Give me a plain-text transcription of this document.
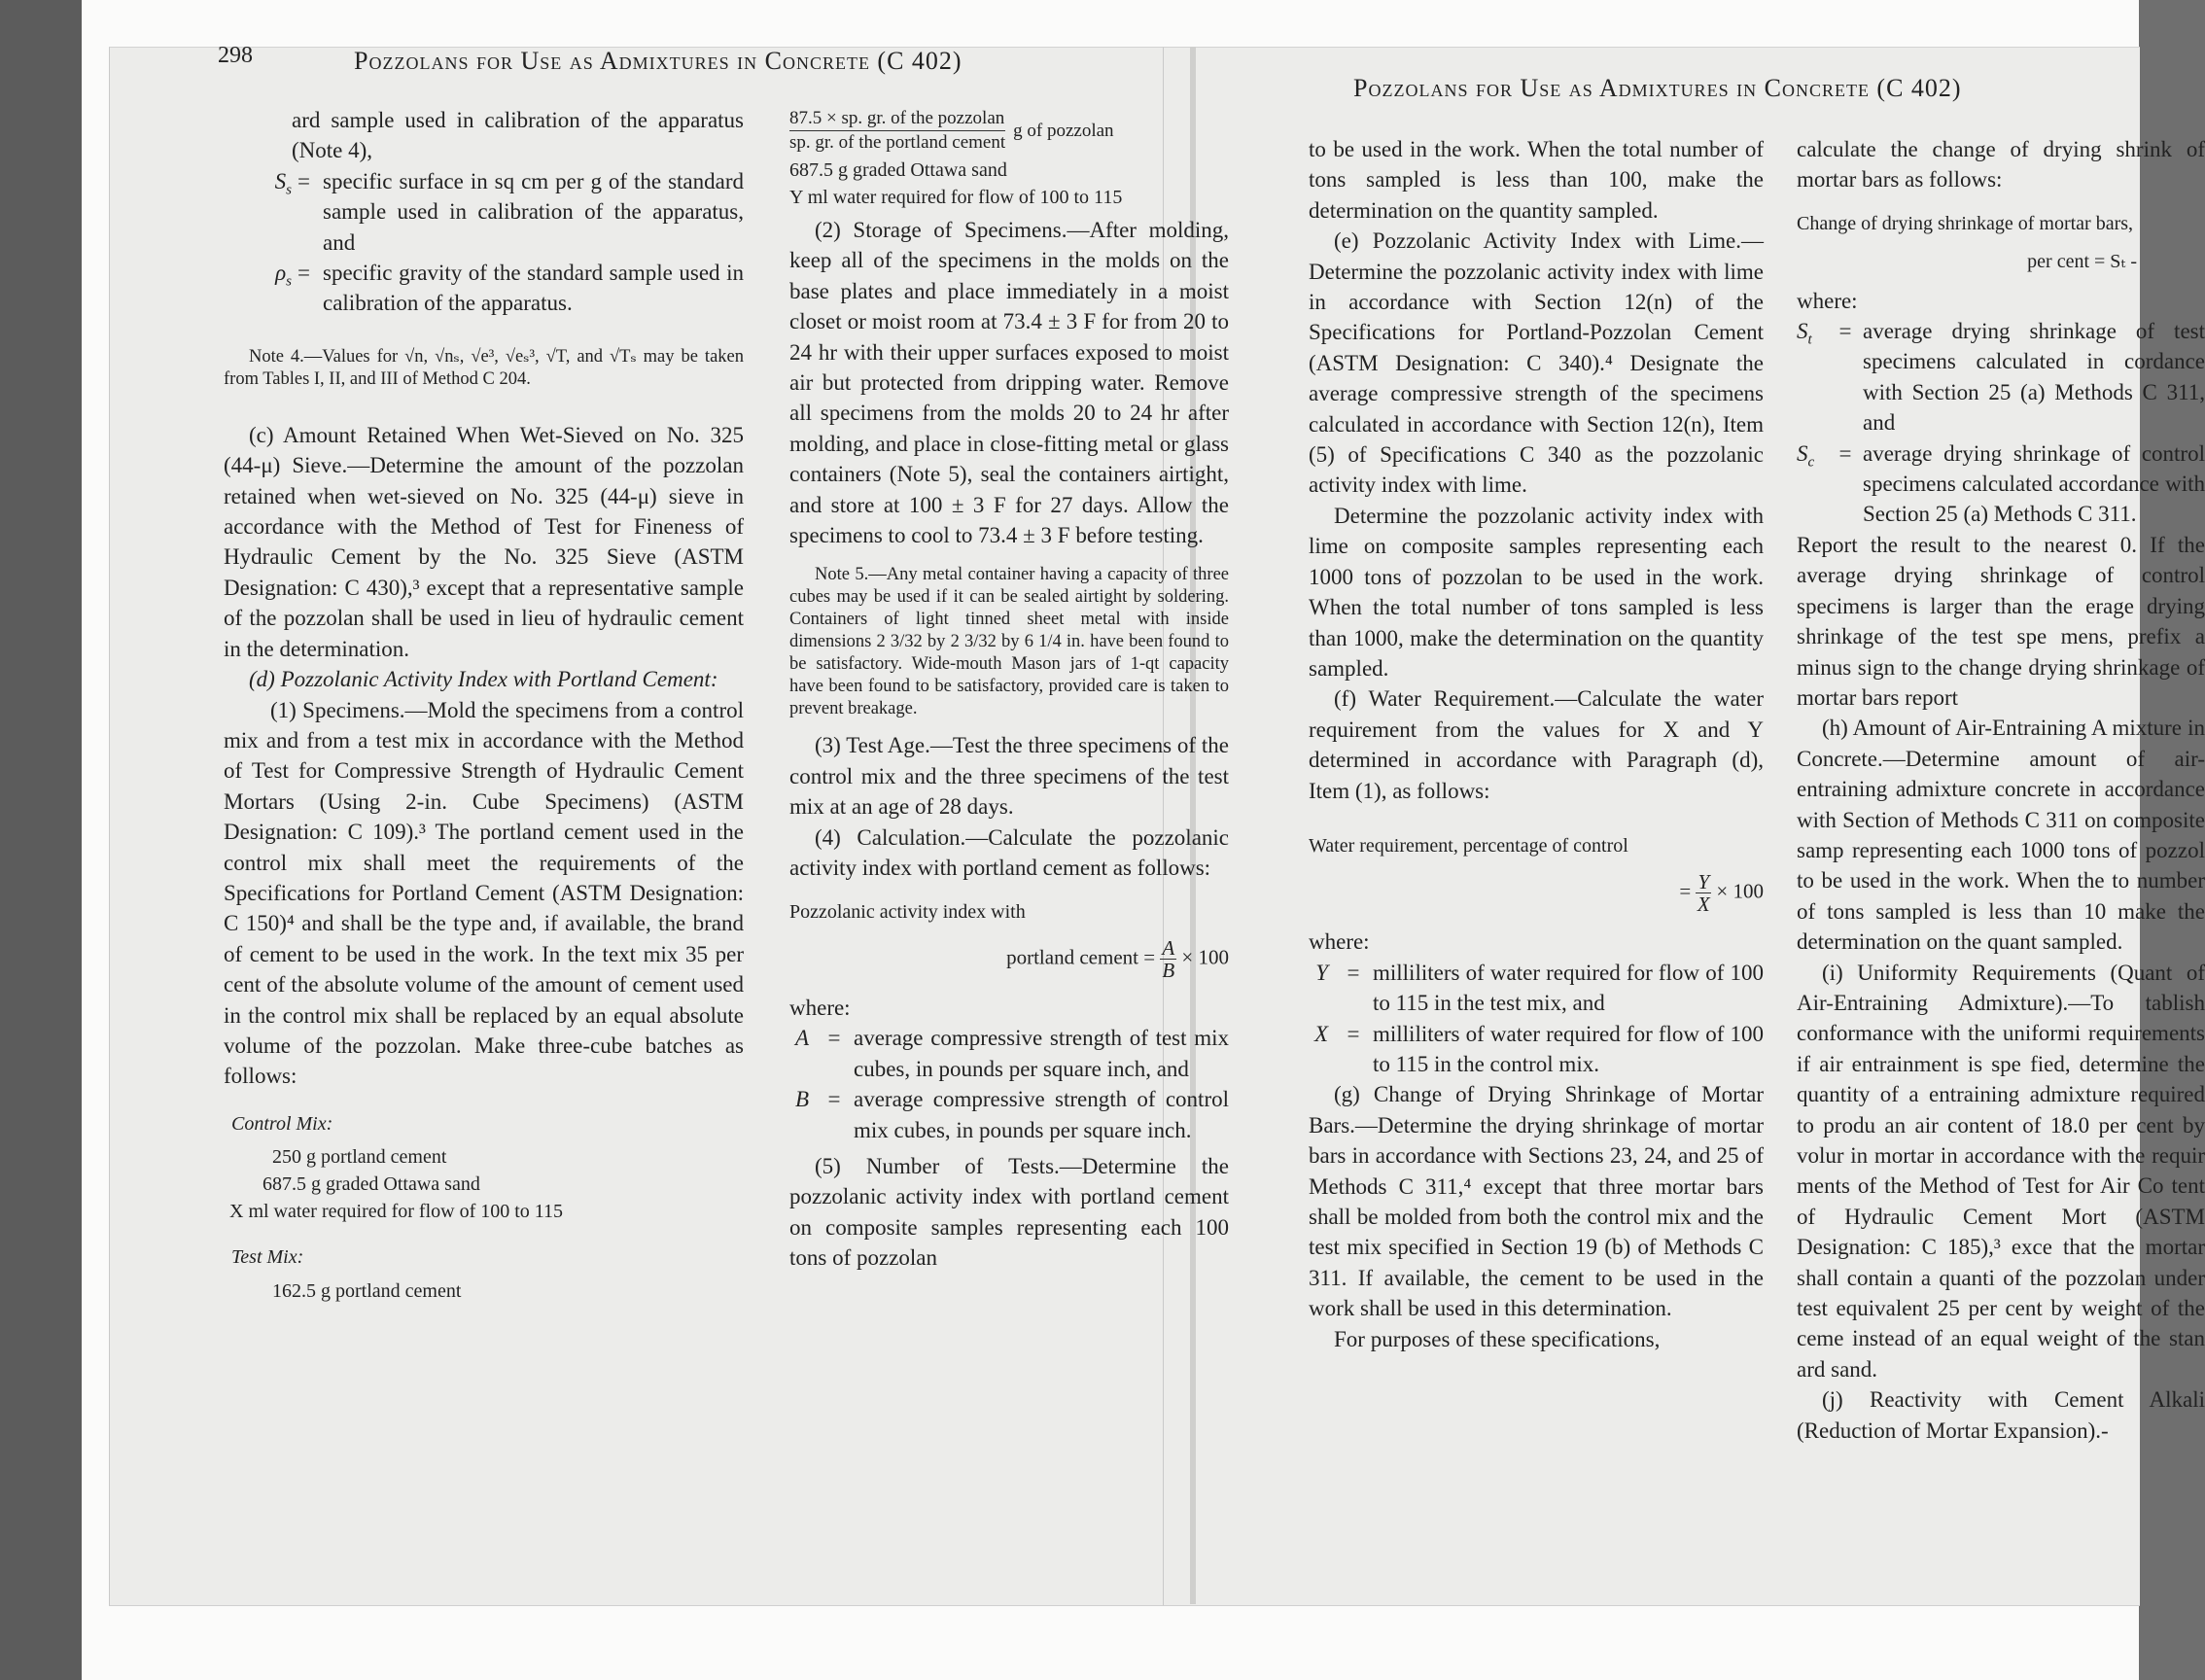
298	Pozzolans for Use as Admixtures in Concrete (C 402)
Pozzolans for Use as Admixtures in Concrete (C 402)

ard sample used in calibration of the apparatus (Note 4),

$S_s$ = specific surface in sq cm per g of the standard sample used in calibration of the apparatus, and
$\rho_s$ = specific gravity of the standard sample used in calibration of the apparatus.

Note 4.—Values for √n, √nₛ, √e³, √eₛ³, √T, and √Tₛ may be taken from Tables I, II, and III of Method C 204.

(c) Amount Retained When Wet-Sieved on No. 325 (44-μ) Sieve.—Determine the amount of the pozzolan retained when wet-sieved on No. 325 (44-μ) sieve in accordance with the Method of Test for Fineness of Hydraulic Cement by the No. 325 Sieve (ASTM Designation: C 430),³ except that a representative sample of the pozzolan shall be used in lieu of hydraulic cement in the determination.

(d) Pozzolanic Activity Index with Portland Cement:

(1) Specimens.—Mold the specimens from a control mix and from a test mix in accordance with the Method of Test for Compressive Strength of Hydraulic Cement Mortars (Using 2-in. Cube Specimens) (ASTM Designation: C 109).³ The portland cement used in the control mix shall meet the requirements of the Specifications for Portland Cement (ASTM Designation: C 150)⁴ and shall be the type and, if available, the brand of cement to be used in the work. In the text mix 35 per cent of the absolute volume of the amount of cement used in the control mix shall be replaced by an equal absolute volume of the pozzolan. Make three-cube batches as follows:

Control Mix:

250 g portland cement

687.5 g graded Ottawa sand

X ml water required for flow of 100 to 115

Test Mix:

162.5 g portland cement

87.5 × sp. gr. of the pozzolan
sp. gr. of the portland cement
g of pozzolan

687.5 g graded Ottawa sand

Y ml water required for flow of 100 to 115

(2) Storage of Specimens.—After molding, keep all of the specimens in the molds on the base plates and place immediately in a moist closet or moist room at 73.4 ± 3 F for from 20 to 24 hr with their upper surfaces exposed to moist air but protected from dripping water. Remove all specimens from the molds 20 to 24 hr after molding, and place in close-fitting metal or glass containers (Note 5), seal the containers airtight, and store at 100 ± 3 F for 27 days. Allow the specimens to cool to 73.4 ± 3 F before testing.

Note 5.—Any metal container having a capacity of three cubes may be used if it can be sealed airtight by soldering. Containers of light tinned sheet metal with inside dimensions 2 3/32 by 2 3/32 by 6 1/4 in. have been found to be satisfactory. Wide-mouth Mason jars of 1-qt capacity have been found to be satisfactory, provided care is taken to prevent breakage.

(3) Test Age.—Test the three specimens of the control mix and the three specimens of the test mix at an age of 28 days.

(4) Calculation.—Calculate the pozzolanic activity index with portland cement as follows:

Pozzolanic activity index with

portland cement = $\frac{A}{B} \times 100$

where:

A = average compressive strength of test mix cubes, in pounds per square inch, and
B = average compressive strength of control mix cubes, in pounds per square inch.

(5) Number of Tests.—Determine the pozzolanic activity index with portland cement on composite samples representing each 100 tons of pozzolan

to be used in the work. When the total number of tons sampled is less than 100, make the determination on the quantity sampled.

(e) Pozzolanic Activity Index with Lime.—Determine the pozzolanic activity index with lime in accordance with Section 12(n) of the Specifications for Portland-Pozzolan Cement (ASTM Designation: C 340).⁴ Designate the average compressive strength of the specimens calculated in accordance with Section 12(n), Item (5) of Specifications C 340 as the pozzolanic activity index with lime.

Determine the pozzolanic activity index with lime on composite samples representing each 1000 tons of pozzolan to be used in the work. When the total number of tons sampled is less than 1000, make the determination on the quantity sampled.

(f) Water Requirement.—Calculate the water requirement from the values for X and Y determined in accordance with Paragraph (d), Item (1), as follows:

Water requirement, percentage of control

= $\frac{Y}{X} \times 100$

where:

Y = milliliters of water required for flow of 100 to 115 in the test mix, and
X = milliliters of water required for flow of 100 to 115 in the control mix.

(g) Change of Drying Shrinkage of Mortar Bars.—Determine the drying shrinkage of mortar bars in accordance with Sections 23, 24, and 25 of Methods C 311,⁴ except that three mortar bars shall be molded from both the control mix and the test mix specified in Section 19 (b) of Methods C 311. If available, the cement to be used in the work shall be used in this determination.

For purposes of these specifications,

calculate the change of drying shrink of mortar bars as follows:

Change of drying shrinkage of mortar bars,

per cent = Sₜ -

where:

$S_t$	= average drying shrinkage of test specimens calculated in cordance with Section 25 (a) Methods C 311, and
$S_c$	= average drying shrinkage of control specimens calculated accordance with Section 25 (a) Methods C 311.

Report the result to the nearest 0. If the average drying shrinkage of control specimens is larger than the erage drying shrinkage of the test spe mens, prefix a minus sign to the change drying shrinkage of mortar bars report

(h) Amount of Air-Entraining A mixture in Concrete.—Determine amount of air-entraining admixture concrete in accordance with Section of Methods C 311 on composite samp representing each 1000 tons of pozzol to be used in the work. When the to number of tons sampled is less than 10 make the determination on the quant sampled.

(i) Uniformity Requirements (Quant of Air-Entraining Admixture).—To tablish conformance with the uniformi requirements if air entrainment is spe fied, determine the quantity of a entraining admixture required to produ an air content of 18.0 per cent by volur in mortar in accordance with the requir ments of the Method of Test for Air Co tent of Hydraulic Cement Mort (ASTM Designation: C 185),³ exce that the mortar shall contain a quanti of the pozzolan under test equivalent 25 per cent by weight of the ceme instead of an equal weight of the stan ard sand.

(j) Reactivity with Cement Alkali (Reduction of Mortar Expansion).-
